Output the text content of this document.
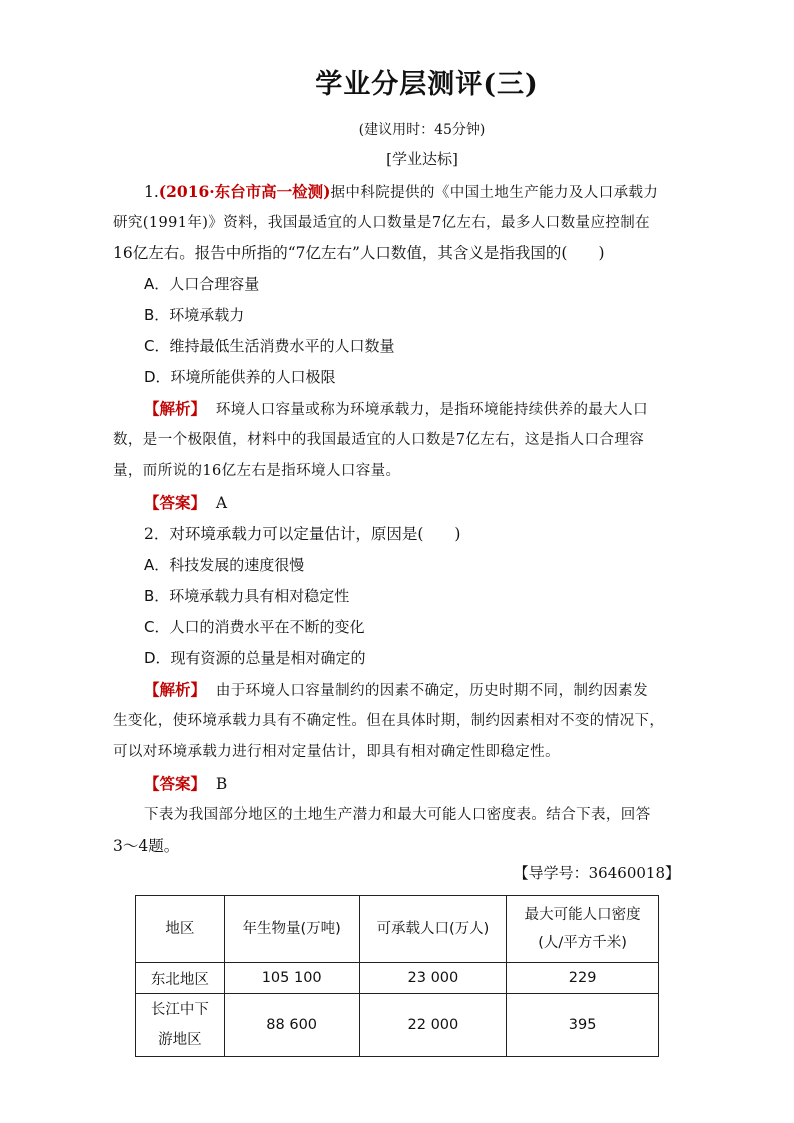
学业分层测评(三)
(建议用时：45分钟)
[学业达标]
1.(2016·东台市高一检测)据中科院提供的《中国土地生产能力及人口承载力
研究(1991年)》资料，我国最适宜的人口数量是7亿左右，最多人口数量应控制在
16亿左右。报告中所指的“7亿左右”人口数值，其含义是指我国的(　　)
A．人口合理容量
B．环境承载力
C．维持最低生活消费水平的人口数量
D．环境所能供养的人口极限
【解析】 环境人口容量或称为环境承载力，是指环境能持续供养的最大人口
数，是一个极限值，材料中的我国最适宜的人口数是7亿左右，这是指人口合理容
量，而所说的16亿左右是指环境人口容量。
【答案】 A
2．对环境承载力可以定量估计，原因是(　　)
A．科技发展的速度很慢
B．环境承载力具有相对稳定性
C．人口的消费水平在不断的变化
D．现有资源的总量是相对确定的
【解析】 由于环境人口容量制约的因素不确定，历史时期不同，制约因素发
生变化，使环境承载力具有不确定性。但在具体时期，制约因素相对不变的情况下，
可以对环境承载力进行相对定量估计，即具有相对确定性即稳定性。
【答案】 B
下表为我国部分地区的土地生产潜力和最大可能人口密度表。结合下表，回答
3～4题。
【导学号：36460018】
地区	年生物量(万吨)	可承载人口(万人)	最大可能人口密度
(人/平方千米)

东北地区	105 100	23 000	229

长江中下
游地区	88 600	22 000	395
